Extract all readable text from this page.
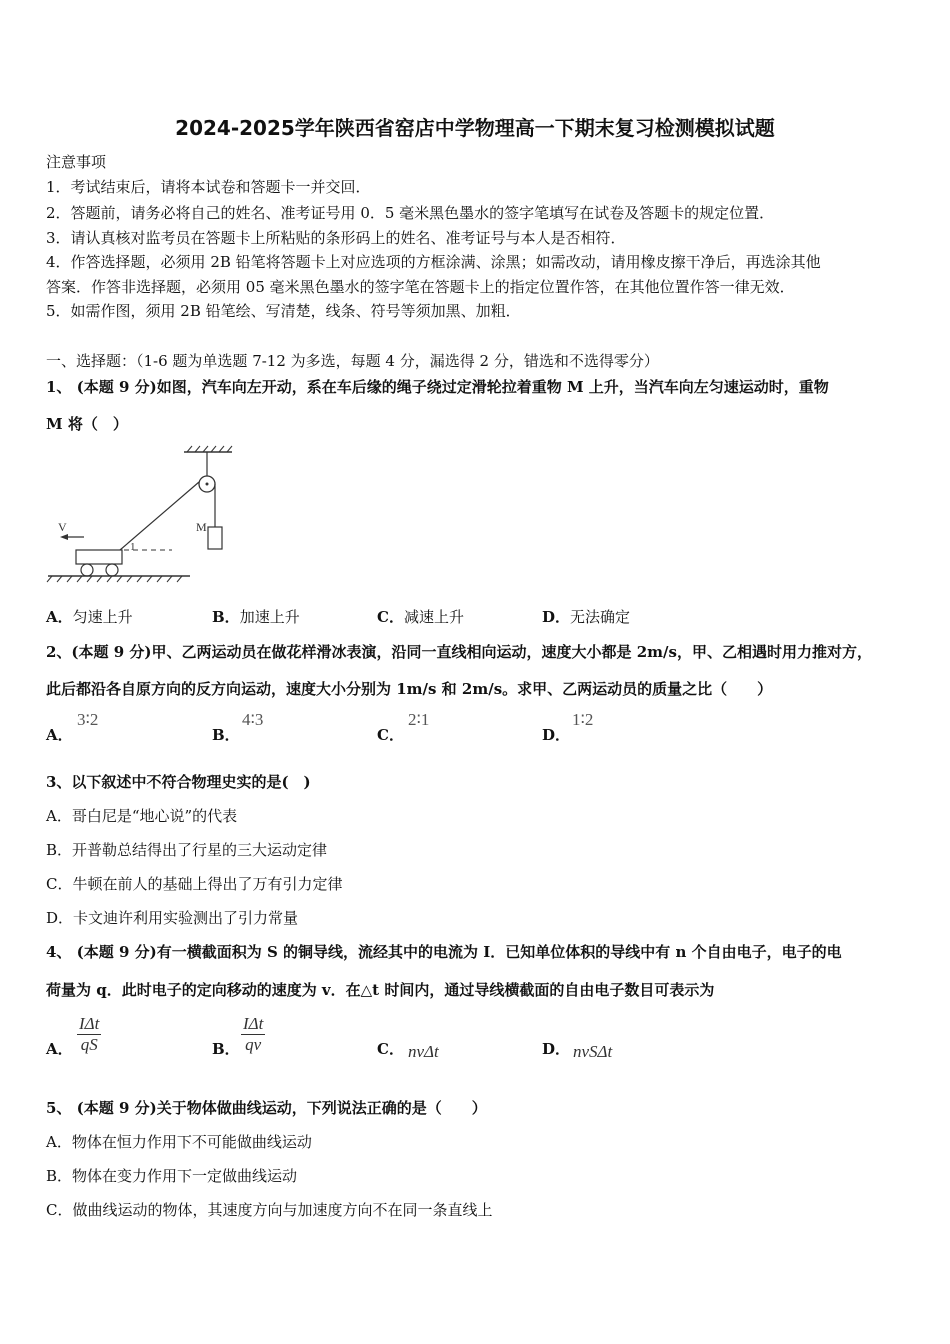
2024-2025学年陕西省窑店中学物理高一下期末复习检测模拟试题
注意事项
1．考试结束后，请将本试卷和答题卡一并交回．
2．答题前，请务必将自己的姓名、准考证号用 0．5 毫米黑色墨水的签字笔填写在试卷及答题卡的规定位置．
3．请认真核对监考员在答题卡上所粘贴的条形码上的姓名、准考证号与本人是否相符．
4．作答选择题，必须用 2B 铅笔将答题卡上对应选项的方框涂满、涂黑；如需改动，请用橡皮擦干净后，再选涂其他
答案．作答非选择题，必须用 05 毫米黑色墨水的签字笔在答题卡上的指定位置作答，在其他位置作答一律无效．
5．如需作图，须用 2B 铅笔绘、写清楚，线条、符号等须加黑、加粗．
一、选择题：（1-6 题为单选题 7-12 为多选，每题 4 分，漏选得 2 分，错选和不选得零分）
1、 (本题 9 分)如图，汽车向左开动，系在车后缘的绳子绕过定滑轮拉着重物 M 上升，当汽车向左匀速运动时，重物
M 将（　）
M
1
V
A．匀速上升	B．加速上升	C．减速上升	D．无法确定
2、(本题 9 分)甲、乙两运动员在做花样滑冰表演，沿同一直线相向运动，速度大小都是 2m/s，甲、乙相遇时用力推对方，
此后都沿各自原方向的反方向运动，速度大小分别为 1m/s 和 2m/s。求甲、乙两运动员的质量之比（　　）
A．
3∶2
B．
4∶3
C．
2∶1
D．
1∶2
3、以下叙述中不符合物理史实的是(　)
A．哥白尼是“地心说”的代表
B．开普勒总结得出了行星的三大运动定律
C．牛顿在前人的基础上得出了万有引力定律
D．卡文迪许利用实验测出了引力常量
4、 (本题 9 分)有一横截面积为 S 的铜导线，流经其中的电流为 I．已知单位体积的导线中有 n 个自由电子，电子的电
荷量为 q．此时电子的定向移动的速度为 v．在△t 时间内，通过导线横截面的自由电子数目可表示为
A．
IΔt
qS	B．
IΔt
qv	C． nvΔt	D． nvSΔt
5、 (本题 9 分)关于物体做曲线运动，下列说法正确的是（　　）
A．物体在恒力作用下不可能做曲线运动
B．物体在变力作用下一定做曲线运动
C．做曲线运动的物体，其速度方向与加速度方向不在同一条直线上
